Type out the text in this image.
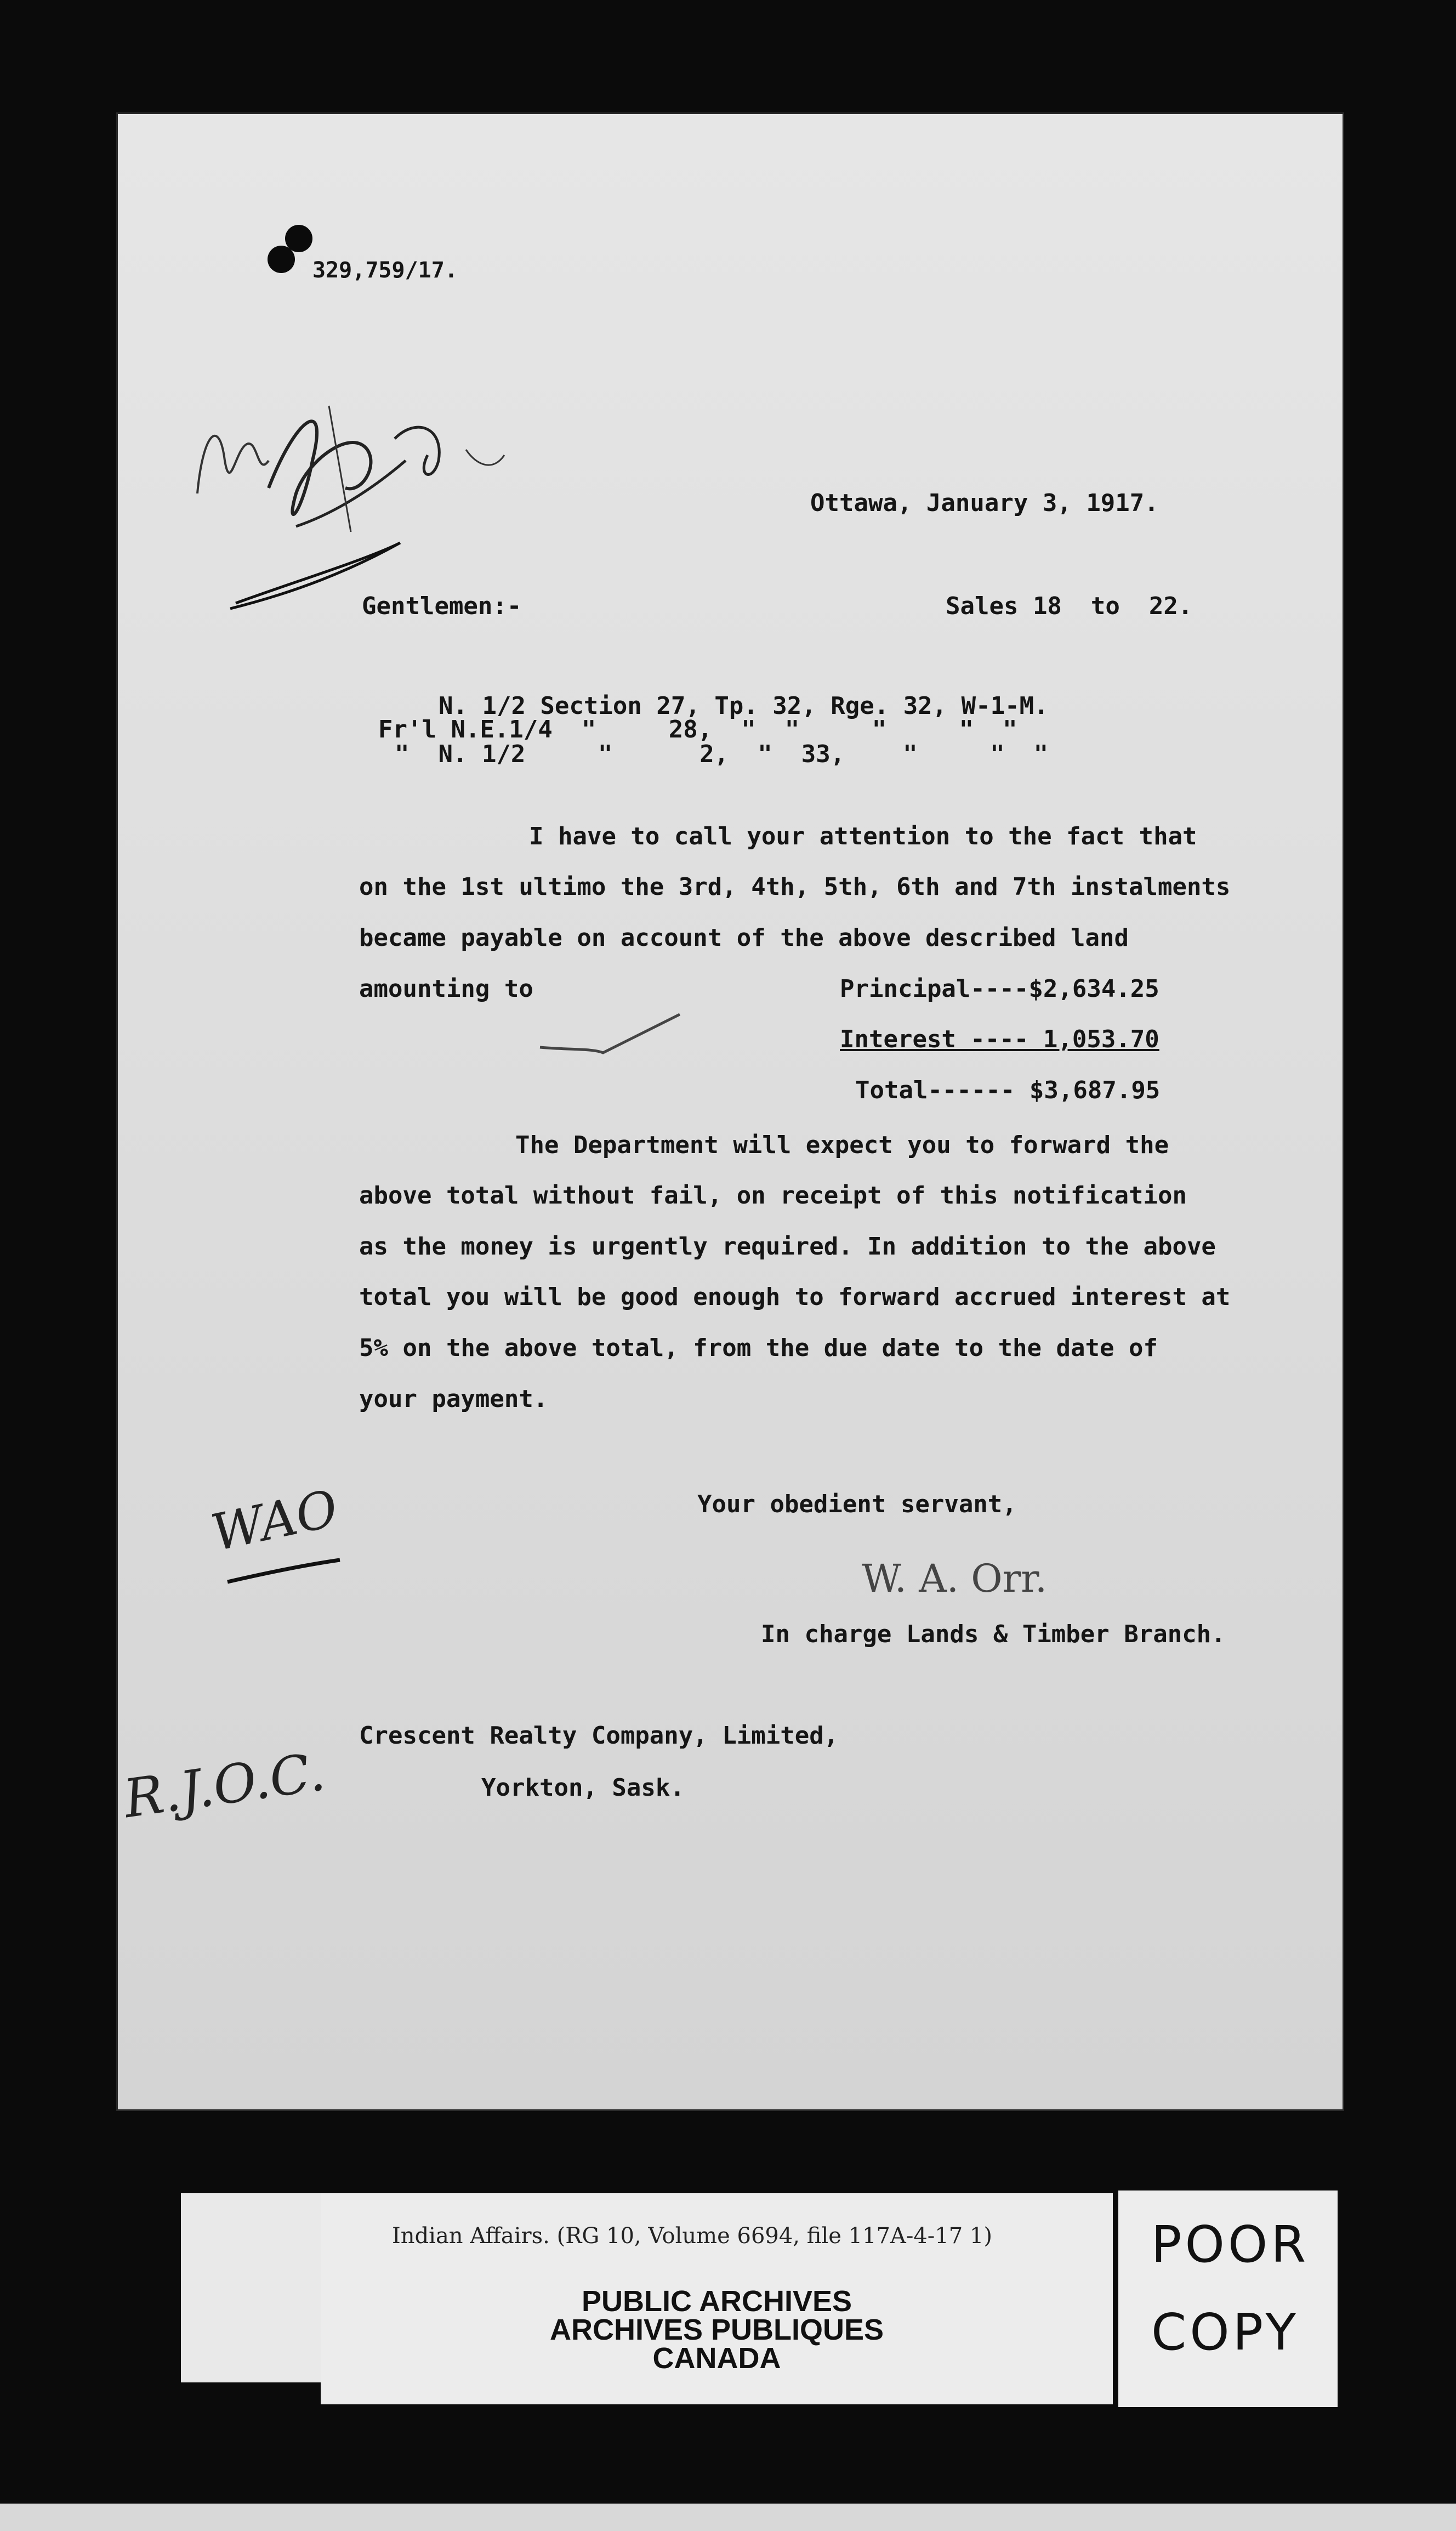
329,759/17.
Ottawa, January 3, 1917.
Gentlemen:-	Sales 18  to  22.
N. 1/2 Section 27, Tp. 32, Rge. 32, W-1-M.
Fr'l N.E.1/4  "     28,  "  "     "     "  "
"  N. 1/2     "      2,  "  33,    "     "  "
I have to call your attention to the fact that
on the 1st ultimo the 3rd, 4th, 5th, 6th and 7th instalments
became payable on account of the above described land
amounting to	Principal----$2,634.25
Interest ---- 1,053.70
Total------ $3,687.95
The Department will expect you to forward the
above total without fail, on receipt of this notification
as the money is urgently required. In addition to the above
total you will be good enough to forward accrued interest at
5% on the above total, from the due date to the date of
your payment.
Your obedient servant,
W. A. Orr.
In charge Lands & Timber Branch.
WAO
Crescent Realty Company, Limited,
Yorkton, Sask.
R.J.O.C.
Indian Affairs. (RG 10, Volume 6694, file 117A-4-17 1)
PUBLIC ARCHIVES
ARCHIVES PUBLIQUES
CANADA
POOR
COPY
